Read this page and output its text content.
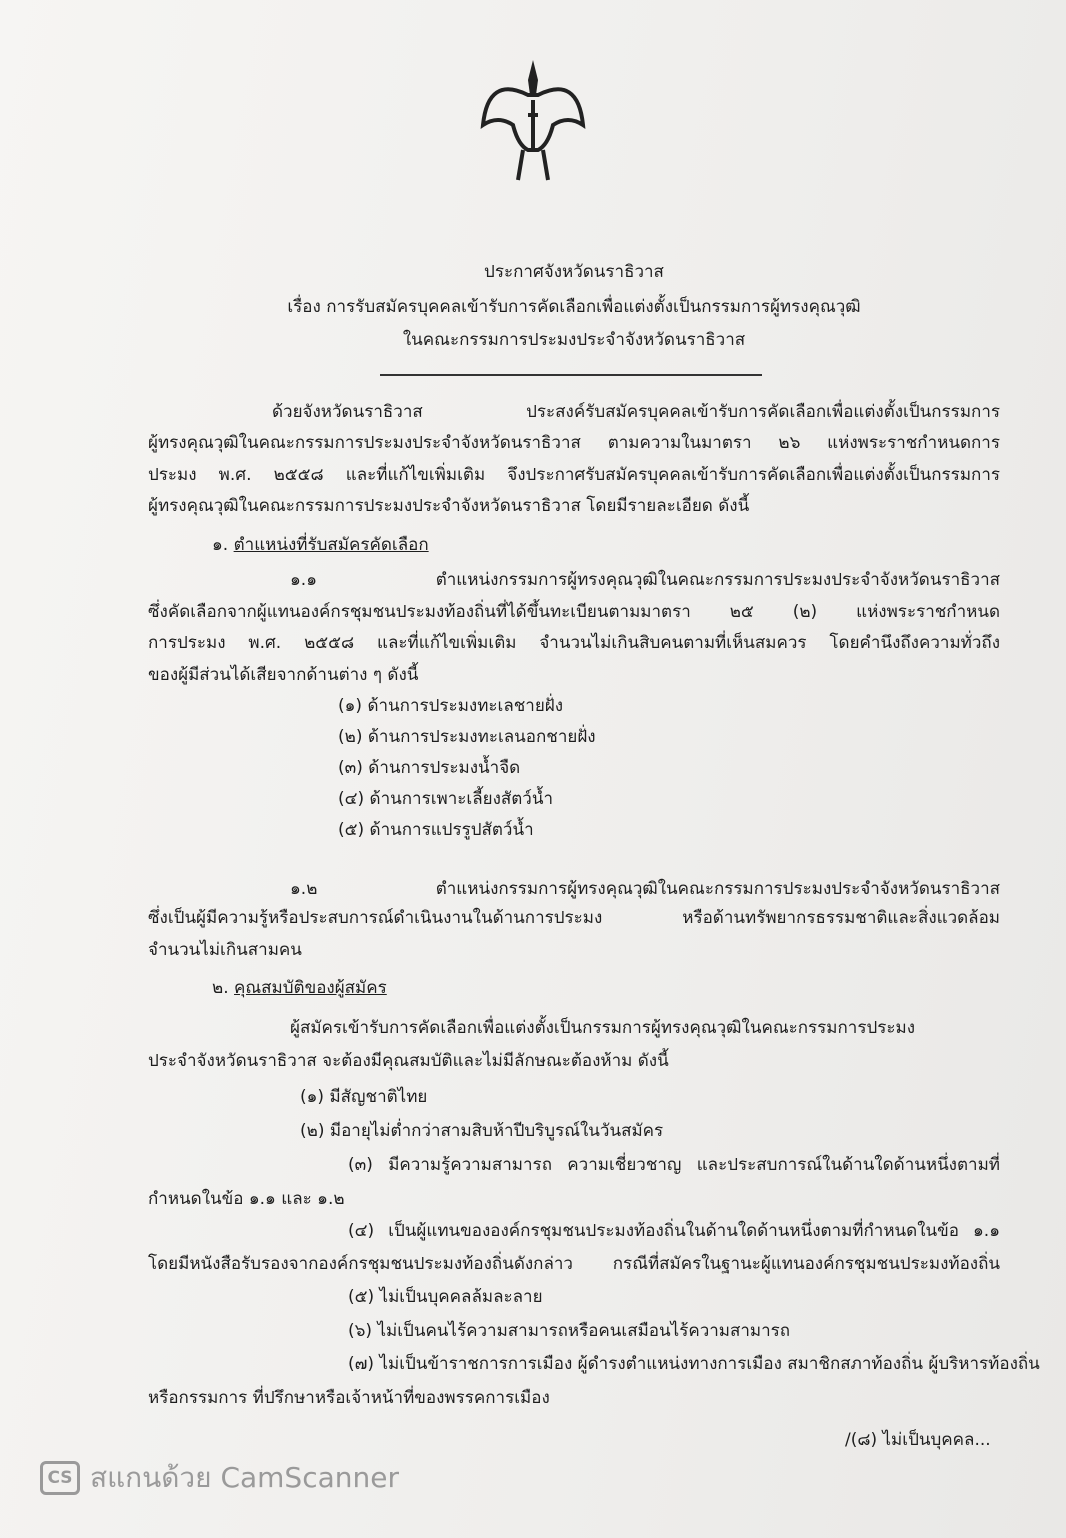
ประกาศจังหวัดนราธิวาส
เรื่อง การรับสมัครบุคคลเข้ารับการคัดเลือกเพื่อแต่งตั้งเป็นกรรมการผู้ทรงคุณวุฒิ
ในคณะกรรมการประมงประจำจังหวัดนราธิวาส
ด้วยจังหวัดนราธิวาส ประสงค์รับสมัครบุคคลเข้ารับการคัดเลือกเพื่อแต่งตั้งเป็นกรรมการ
ผู้ทรงคุณวุฒิในคณะกรรมการประมงประจำจังหวัดนราธิวาส ตามความในมาตรา ๒๖ แห่งพระราชกำหนดการ
ประมง พ.ศ. ๒๕๕๘ และที่แก้ไขเพิ่มเติม จึงประกาศรับสมัครบุคคลเข้ารับการคัดเลือกเพื่อแต่งตั้งเป็นกรรมการ
ผู้ทรงคุณวุฒิในคณะกรรมการประมงประจำจังหวัดนราธิวาส โดยมีรายละเอียด ดังนี้
๑. ตำแหน่งที่รับสมัครคัดเลือก
๑.๑ ตำแหน่งกรรมการผู้ทรงคุณวุฒิในคณะกรรมการประมงประจำจังหวัดนราธิวาส
ซึ่งคัดเลือกจากผู้แทนองค์กรชุมชนประมงท้องถิ่นที่ได้ขึ้นทะเบียนตามมาตรา ๒๕ (๒) แห่งพระราชกำหนด
การประมง พ.ศ. ๒๕๕๘ และที่แก้ไขเพิ่มเติม จำนวนไม่เกินสิบคนตามที่เห็นสมควร โดยคำนึงถึงความทั่วถึง
ของผู้มีส่วนได้เสียจากด้านต่าง ๆ ดังนี้
(๑) ด้านการประมงทะเลชายฝั่ง
(๒) ด้านการประมงทะเลนอกชายฝั่ง
(๓) ด้านการประมงน้ำจืด
(๔) ด้านการเพาะเลี้ยงสัตว์น้ำ
(๕) ด้านการแปรรูปสัตว์น้ำ
๑.๒ ตำแหน่งกรรมการผู้ทรงคุณวุฒิในคณะกรรมการประมงประจำจังหวัดนราธิวาส
ซึ่งเป็นผู้มีความรู้หรือประสบการณ์ดำเนินงานในด้านการประมง หรือด้านทรัพยากรธรรมชาติและสิ่งแวดล้อม
จำนวนไม่เกินสามคน
๒. คุณสมบัติของผู้สมัคร
ผู้สมัครเข้ารับการคัดเลือกเพื่อแต่งตั้งเป็นกรรมการผู้ทรงคุณวุฒิในคณะกรรมการประมง
ประจำจังหวัดนราธิวาส จะต้องมีคุณสมบัติและไม่มีลักษณะต้องห้าม ดังนี้
(๑) มีสัญชาติไทย
(๒) มีอายุไม่ต่ำกว่าสามสิบห้าปีบริบูรณ์ในวันสมัคร
(๓) มีความรู้ความสามารถ ความเชี่ยวชาญ และประสบการณ์ในด้านใดด้านหนึ่งตามที่
กำหนดในข้อ ๑.๑ และ ๑.๒
(๔) เป็นผู้แทนขององค์กรชุมชนประมงท้องถิ่นในด้านใดด้านหนึ่งตามที่กำหนดในข้อ ๑.๑
โดยมีหนังสือรับรองจากองค์กรชุมชนประมงท้องถิ่นดังกล่าว กรณีที่สมัครในฐานะผู้แทนองค์กรชุมชนประมงท้องถิ่น
(๕) ไม่เป็นบุคคลล้มละลาย
(๖) ไม่เป็นคนไร้ความสามารถหรือคนเสมือนไร้ความสามารถ
(๗) ไม่เป็นข้าราชการการเมือง ผู้ดำรงตำแหน่งทางการเมือง สมาชิกสภาท้องถิ่น ผู้บริหารท้องถิ่น
หรือกรรมการ ที่ปรึกษาหรือเจ้าหน้าที่ของพรรคการเมือง
/(๘) ไม่เป็นบุคคล...
CS สแกนด้วย CamScanner
